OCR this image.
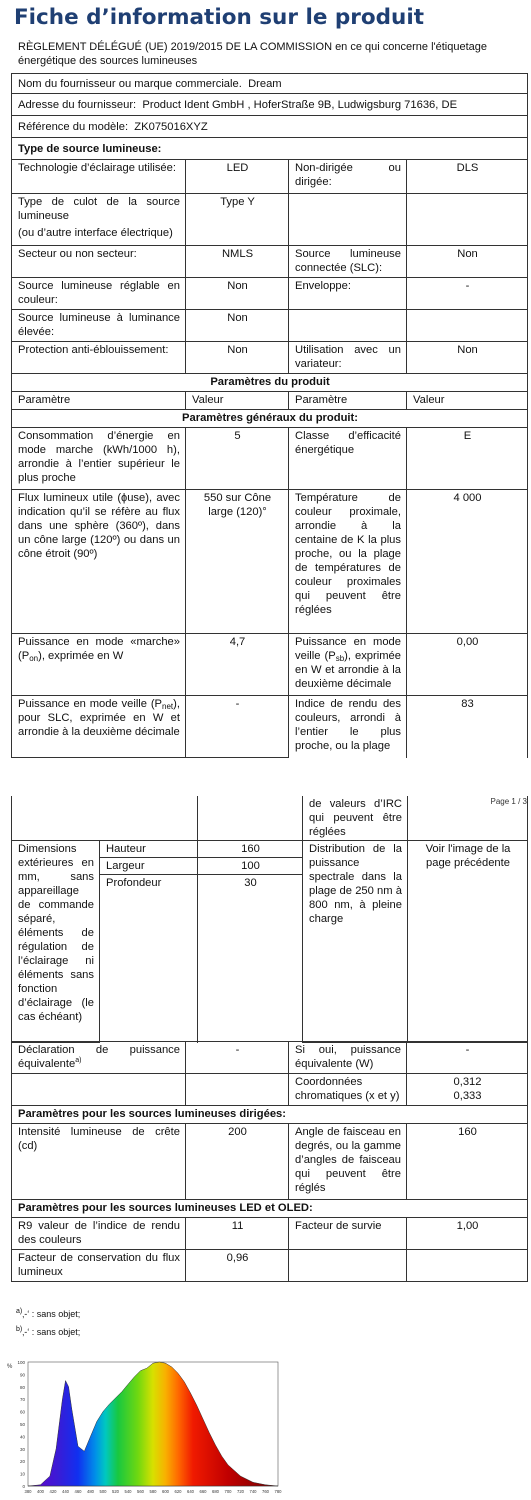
Fiche d’information sur le produit
RÈGLEMENT DÉLÉGUÉ (UE) 2019/2015 DE LA COMMISSION en ce qui concerne l'étiquetage énergétique des sources lumineuses
Nom du fournisseur ou marque commerciale. Dream			
Adresse du fournisseur: Product Ident GmbH , HoferStraße 9B, Ludwigsburg 71636, DE			
Référence du modèle: ZK075016XYZ			
Type de source lumineuse:			
Technologie d’éclairage utilisée:	LED	Non-dirigée ou dirigée:	DLS

Type de culot de la source lumineuse
(ou d’autre interface électrique)	Type Y		
Secteur ou non secteur:	NMLS	Source lumineuse connectée (SLC):	Non
Source lumineuse réglable en couleur:	Non	Enveloppe:	-
Source lumineuse à luminance élevée:	Non		
Protection anti-éblouissement:	Non	Utilisation avec un variateur:	Non
Paramètres du produit			
Paramètre	Valeur	Paramètre	Valeur
Paramètres généraux du produit:			
Consommation d’énergie en mode marche (kWh/1000 h), arrondie à l’entier supérieur le plus proche	5	Classe d’efficacité énergétique	E
Flux lumineux utile (ɸuse), avec indication qu’il se réfère au flux dans une sphère (360º), dans un cône large (120º) ou dans un cône étroit (90º)	550 sur Cône large (120)°	Température de couleur proximale, arrondie à la centaine de K la plus proche, ou la plage de températures de couleur proximales qui peuvent être réglées	4 000
Puissance en mode «marche» $(P_{on})$, exprimée en W	4,7	Puissance en mode veille $(P_{sb})$, exprimée en W et arrondie à la deuxième décimale	0,00
Puissance en mode veille $(P_{net})$, pour SLC, exprimée en W et arrondie à la deuxième décimale	-	Indice de rendu des couleurs, arrondi à l’entier le plus proche, ou la plage	83
Page 1 / 3
			de valeurs d’IRC qui peuvent être réglées	
Dimensions extérieures en mm, sans appareillage de commande séparé, éléments de régulation de l’éclairage ni éléments sans fonction d’éclairage (le cas échéant)	Hauteur	160	Distribution de la puissance spectrale dans la plage de 250 nm à 800 nm, à pleine charge	Voir l'image de la page précédente
	Largeur	100		
	Profondeur	30		
Déclaration de puissance équivalente$^{a)}$	-	Si oui, puissance équivalente (W)	-
		Coordonnées chromatiques (x et y)	0,312
0,333

Paramètres pour les sources lumineuses dirigées:			
Intensité lumineuse de crête (cd)	200	Angle de faisceau en degrés, ou la gamme d’angles de faisceau qui peuvent être réglés	160
Paramètres pour les sources lumineuses LED et OLED:			
R9 valeur de l’indice de rendu des couleurs	11	Facteur de survie	1,00
Facteur de conservation du flux lumineux	0,96		
$^{a)}$‚-‘ : sans objet;
$^{b)}$‚-‘ : sans objet;
0
10
20
30
40
50
60
70
80
90
100
380 400 420 440 460 480 500 520 540 560 580 600 620 640 660 680 700 720 740 760 780
%
